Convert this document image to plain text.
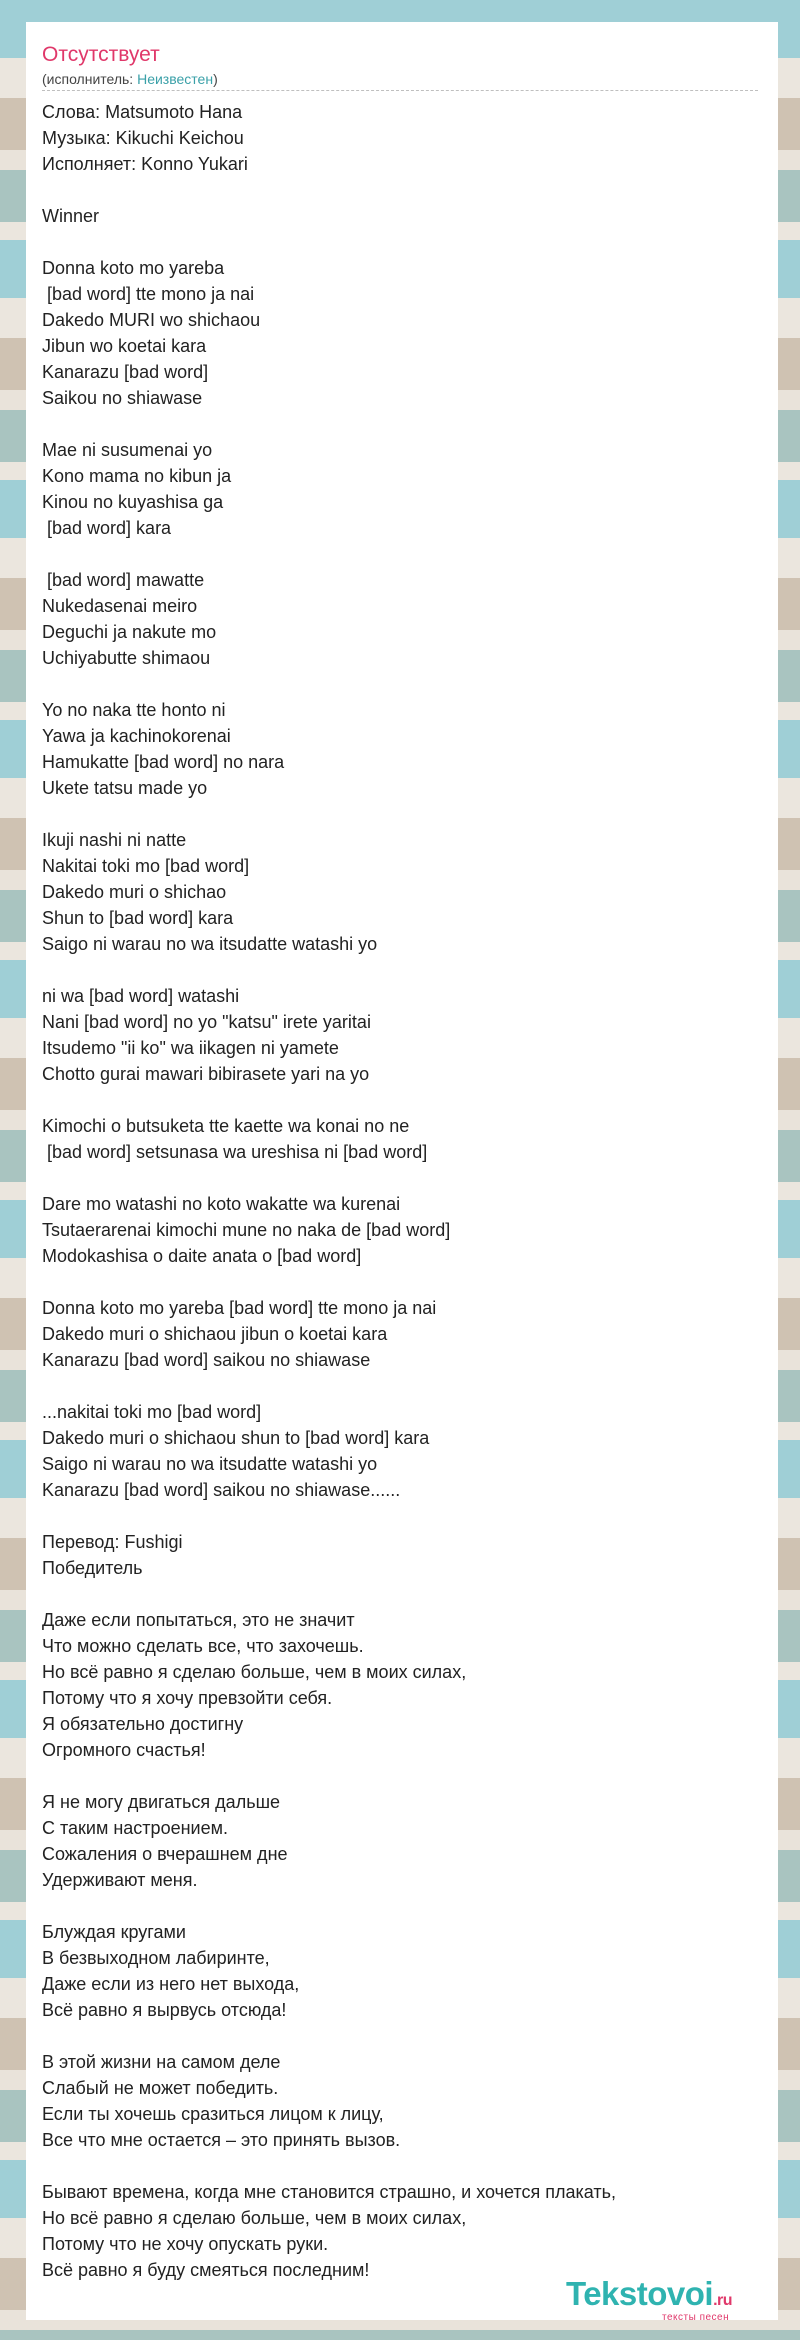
Отсутствует
(исполнитель: Неизвестен)
Слова: Matsumoto Hana
Музыка: Kikuchi Keichou
Исполняет: Konno Yukari
Winner
Donna koto mo yareba
[bad word] tte mono ja nai
Dakedo MURI wo shichaou
Jibun wo koetai kara
Kanarazu [bad word]
Saikou no shiawase
Mae ni susumenai yo
Kono mama no kibun ja
Kinou no kuyashisa ga
[bad word] kara
[bad word] mawatte
Nukedasenai meiro
Deguchi ja nakute mo
Uchiyabutte shimaou
Yo no naka tte honto ni
Yawa ja kachinokorenai
Hamukatte [bad word] no nara
Ukete tatsu made yo
Ikuji nashi ni natte
Nakitai toki mo [bad word]
Dakedo muri o shichao
Shun to [bad word] kara
Saigo ni warau no wa itsudatte watashi yo
ni wa [bad word] watashi
Nani [bad word] no yo "katsu" irete yaritai
Itsudemo "ii ko" wa iikagen ni yamete
Chotto gurai mawari bibirasete yari na yo
Kimochi o butsuketa tte kaette wa konai no ne
[bad word] setsunasa wa ureshisa ni [bad word]
Dare mo watashi no koto wakatte wa kurenai
Tsutaerarenai kimochi mune no naka de [bad word]
Modokashisa o daite anata o [bad word]
Donna koto mo yareba [bad word] tte mono ja nai
Dakedo muri o shichaou jibun o koetai kara
Kanarazu [bad word] saikou no shiawase
...nakitai toki mo [bad word]
Dakedo muri o shichaou shun to [bad word] kara
Saigo ni warau no wa itsudatte watashi yo
Kanarazu [bad word] saikou no shiawase......
Перевод: Fushigi
Победитель
Даже если попытаться, это не значит
Что можно сделать все, что захочешь.
Но всё равно я сделаю больше, чем в моих силах,
Потому что я хочу превзойти себя.
Я обязательно достигну
Огромного счастья!
Я не могу двигаться дальше
С таким настроением.
Сожаления о вчерашнем дне
Удерживают меня.
Блуждая кругами
В безвыходном лабиринте,
Даже если из него нет выхода,
Всё равно я вырвусь отсюда!
В этой жизни на самом деле
Слабый не может победить.
Если ты хочешь сразиться лицом к лицу,
Все что мне остается – это принять вызов.
Бывают времена, когда мне становится страшно, и хочется плакать,
Но всё равно я сделаю больше, чем в моих силах,
Потому что не хочу опускать руки.
Всё равно я буду смеяться последним!
Tekstovoi.ru
тексты песен
